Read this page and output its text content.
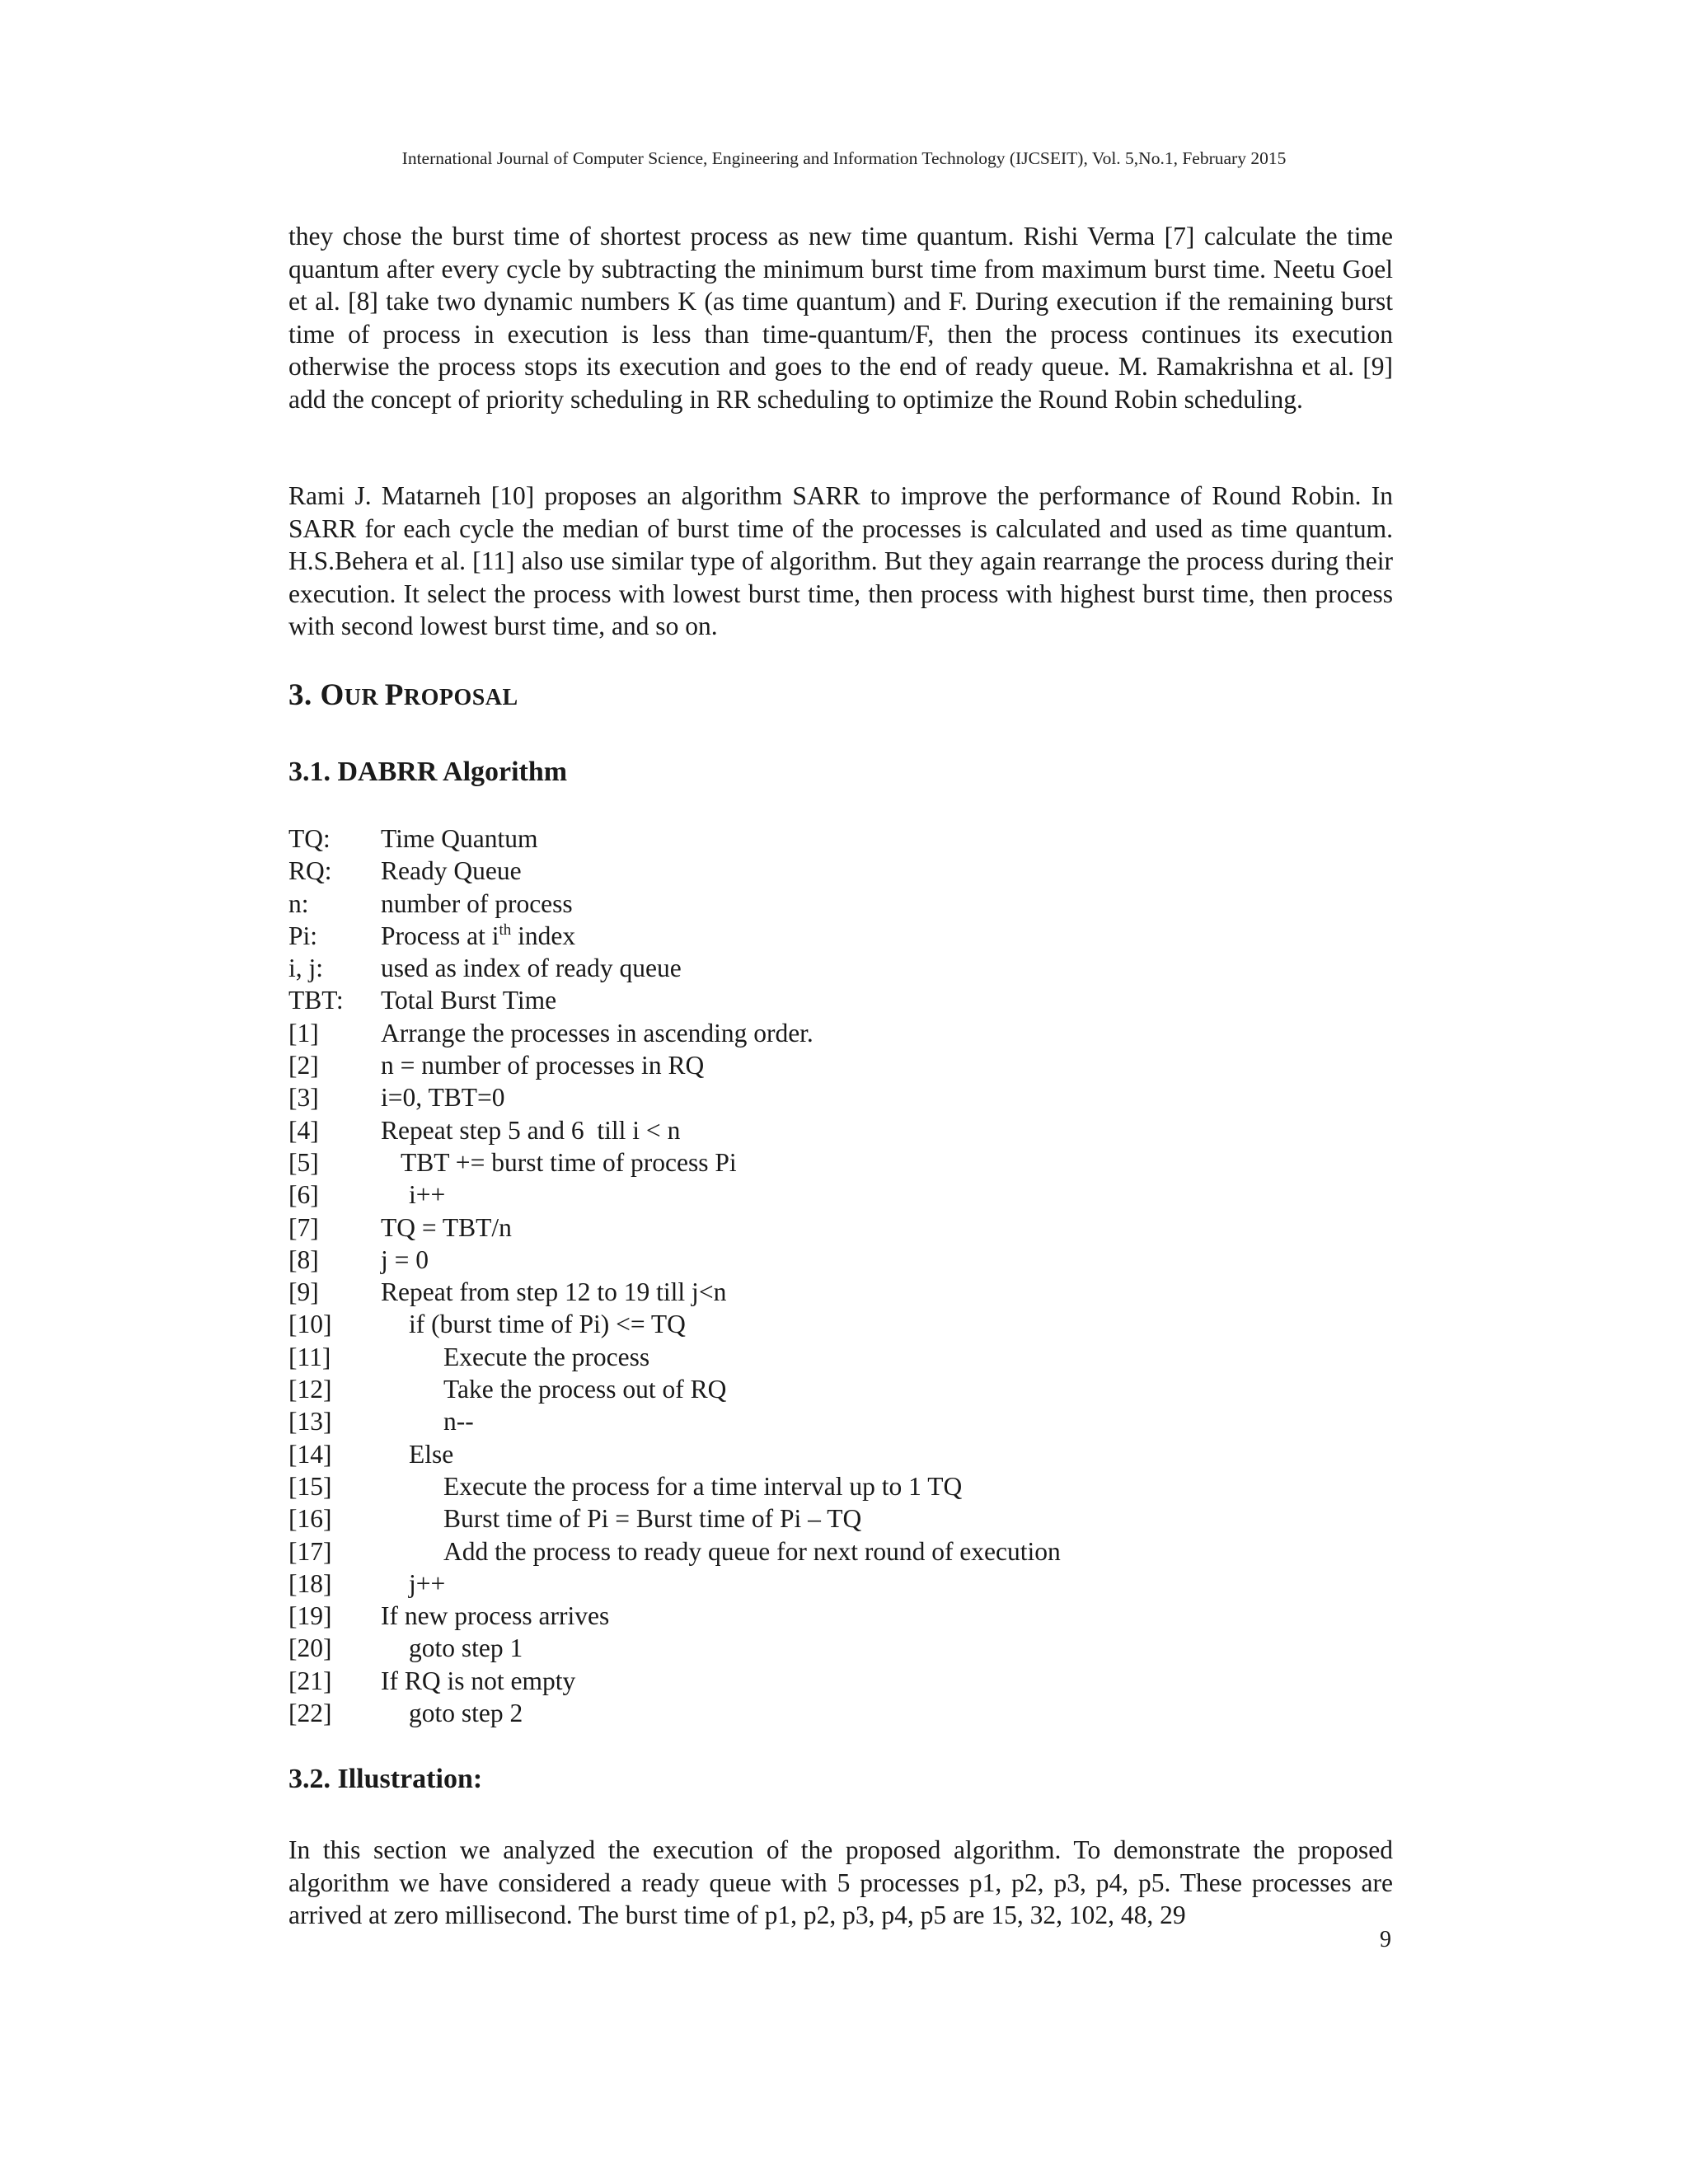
International Journal of Computer Science, Engineering and Information Technology (IJCSEIT), Vol. 5,No.1, February 2015

they chose the burst time of shortest process as new time quantum. Rishi Verma [7] calculate the time quantum after every cycle by subtracting the minimum burst time from maximum burst time. Neetu Goel et al. [8] take two dynamic numbers K (as time quantum) and F. During execution if the remaining burst time of process in execution is less than time-quantum/F, then the process continues its execution otherwise the process stops its execution and goes to the end of ready queue. M. Ramakrishna et al. [9] add the concept of priority scheduling in RR scheduling to optimize the Round Robin scheduling.

Rami J. Matarneh [10] proposes an algorithm SARR to improve the performance of Round Robin. In SARR for each cycle the median of burst time of the processes is calculated and used as time quantum. H.S.Behera et al. [11] also use similar type of algorithm. But they again rearrange the process during their execution. It select the process with lowest burst time, then process with highest burst time, then process with second lowest burst time, and so on.

3. OUR PROPOSAL
3.1. DABRR Algorithm
TQ: Time Quantum
RQ: Ready Queue
n:	number of process
Pi: Process at $i^{th}$ index
i, j: used as index of ready queue
TBT: Total Burst Time
[1] Arrange the processes in ascending order.
[2] n = number of processes in RQ
[3] i=0, TBT=0
[4] Repeat step 5 and 6  till i < n
[5]	TBT += burst time of process Pi
[6]	i++
[7] TQ = TBT/n
[8] j = 0
[9] Repeat from step 12 to 19 till j<n
[10]	if (burst time of Pi) <= TQ
[11]	Execute the process
[12]	Take the process out of RQ
[13]	n--
[14]	Else
[15]	Execute the process for a time interval up to 1 TQ
[16]	Burst time of Pi = Burst time of Pi – TQ
[17]	Add the process to ready queue for next round of execution
[18]	j++
[19] If new process arrives
[20]	goto step 1
[21] If RQ is not empty
[22]	goto step 2
3.2. Illustration:

In this section we analyzed the execution of the proposed algorithm. To demonstrate the proposed algorithm we have considered a ready queue with 5 processes p1, p2, p3, p4, p5. These processes are arrived at zero millisecond. The burst time of p1, p2, p3, p4, p5 are 15, 32, 102, 48, 29

9
